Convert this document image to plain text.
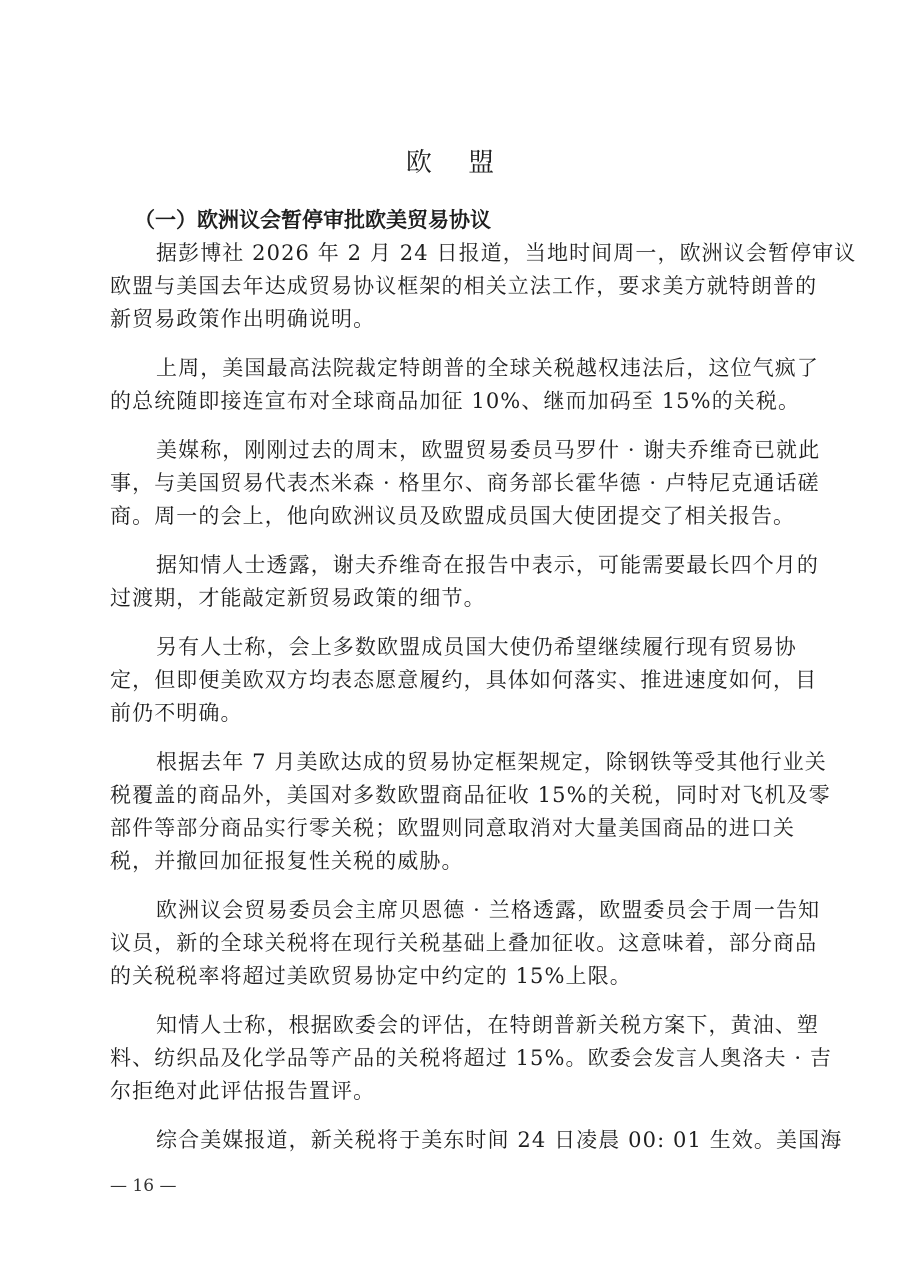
欧 盟
（一）欧洲议会暂停审批欧美贸易协议
据彭博社 2026 年 2 月 24 日报道，当地时间周一，欧洲议会暂停审议
欧盟与美国去年达成贸易协议框架的相关立法工作，要求美方就特朗普的
新贸易政策作出明确说明。
上周，美国最高法院裁定特朗普的全球关税越权违法后，这位气疯了
的总统随即接连宣布对全球商品加征 10%、继而加码至 15%的关税。
美媒称，刚刚过去的周末，欧盟贸易委员马罗什 · 谢夫乔维奇已就此
事，与美国贸易代表杰米森 · 格里尔、商务部长霍华德 · 卢特尼克通话磋
商。周一的会上，他向欧洲议员及欧盟成员国大使团提交了相关报告。
据知情人士透露，谢夫乔维奇在报告中表示，可能需要最长四个月的
过渡期，才能敲定新贸易政策的细节。
另有人士称，会上多数欧盟成员国大使仍希望继续履行现有贸易协
定，但即便美欧双方均表态愿意履约，具体如何落实、推进速度如何，目
前仍不明确。
根据去年 7 月美欧达成的贸易协定框架规定，除钢铁等受其他行业关
税覆盖的商品外，美国对多数欧盟商品征收 15%的关税，同时对飞机及零
部件等部分商品实行零关税；欧盟则同意取消对大量美国商品的进口关
税，并撤回加征报复性关税的威胁。
欧洲议会贸易委员会主席贝恩德 · 兰格透露，欧盟委员会于周一告知
议员，新的全球关税将在现行关税基础上叠加征收。这意味着，部分商品
的关税税率将超过美欧贸易协定中约定的 15%上限。
知情人士称，根据欧委会的评估，在特朗普新关税方案下，黄油、塑
料、纺织品及化学品等产品的关税将超过 15%。欧委会发言人奥洛夫 · 吉
尔拒绝对此评估报告置评。
综合美媒报道，新关税将于美东时间 24 日凌晨 00: 01 生效。美国海
— 16 —
